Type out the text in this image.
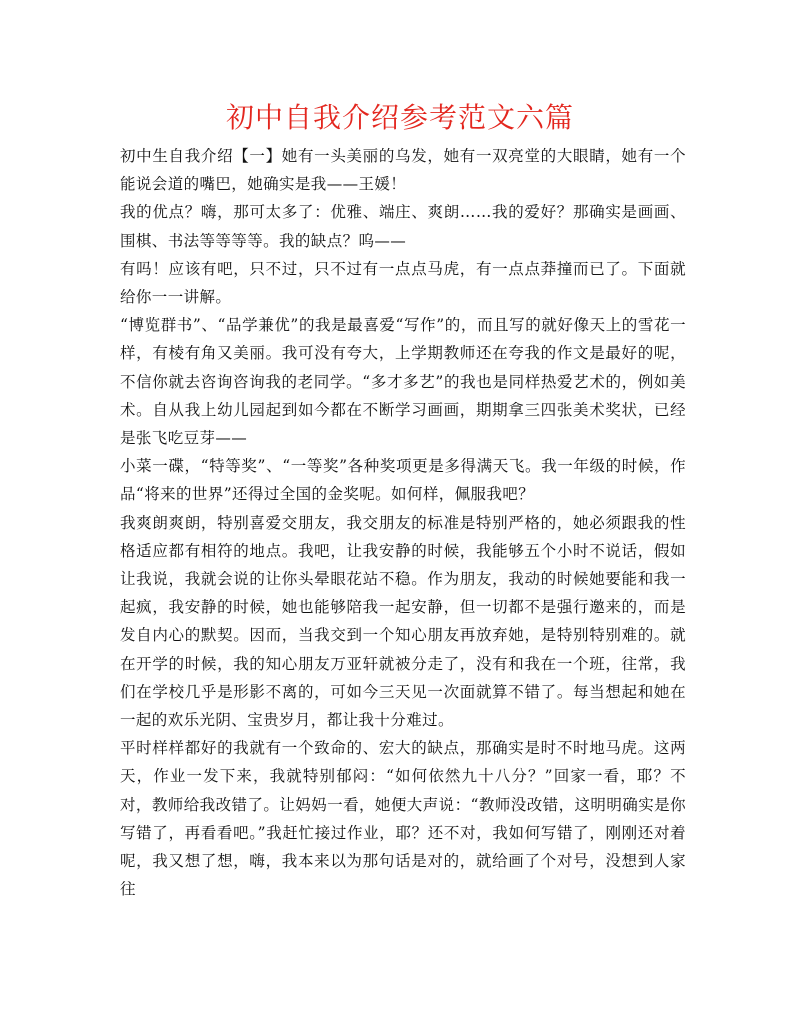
初中自我介绍参考范文六篇

初中生自我介绍【一】她有一头美丽的乌发，她有一双亮堂的大眼睛，她有一个能说会道的嘴巴，她确实是我——王媛！

我的优点？嗨，那可太多了：优雅、端庄、爽朗……我的爱好？那确实是画画、围棋、书法等等等等。我的缺点？呜——

有吗！应该有吧，只不过，只不过有一点点马虎，有一点点莽撞而已了。下面就给你一一讲解。

“博览群书”、“品学兼优”的我是最喜爱“写作”的，而且写的就好像天上的雪花一样，有棱有角又美丽。我可没有夸大，上学期教师还在夸我的作文是最好的呢，不信你就去咨询咨询我的老同学。“多才多艺”的我也是同样热爱艺术的，例如美术。自从我上幼儿园起到如今都在不断学习画画，期期拿三四张美术奖状，已经是张飞吃豆芽——

小菜一碟，“特等奖”、“一等奖”各种奖项更是多得满天飞。我一年级的时候，作品“将来的世界”还得过全国的金奖呢。如何样，佩服我吧？

我爽朗爽朗，特别喜爱交朋友，我交朋友的标准是特别严格的，她必须跟我的性格适应都有相符的地点。我吧，让我安静的时候，我能够五个小时不说话，假如让我说，我就会说的让你头晕眼花站不稳。作为朋友，我动的时候她要能和我一起疯，我安静的时候，她也能够陪我一起安静，但一切都不是强行邀来的，而是发自内心的默契。因而，当我交到一个知心朋友再放弃她，是特别特别难的。就在开学的时候，我的知心朋友万亚轩就被分走了，没有和我在一个班，往常，我们在学校几乎是形影不离的，可如今三天见一次面就算不错了。每当想起和她在一起的欢乐光阴、宝贵岁月，都让我十分难过。

平时样样都好的我就有一个致命的、宏大的缺点，那确实是时不时地马虎。这两天，作业一发下来，我就特别郁闷：“如何依然九十八分？”回家一看，耶？不对，教师给我改错了。让妈妈一看，她便大声说：“教师没改错，这明明确实是你写错了，再看看吧。”我赶忙接过作业，耶？还不对，我如何写错了，刚刚还对着呢，我又想了想，嗨，我本来以为那句话是对的，就给画了个对号，没想到人家往
